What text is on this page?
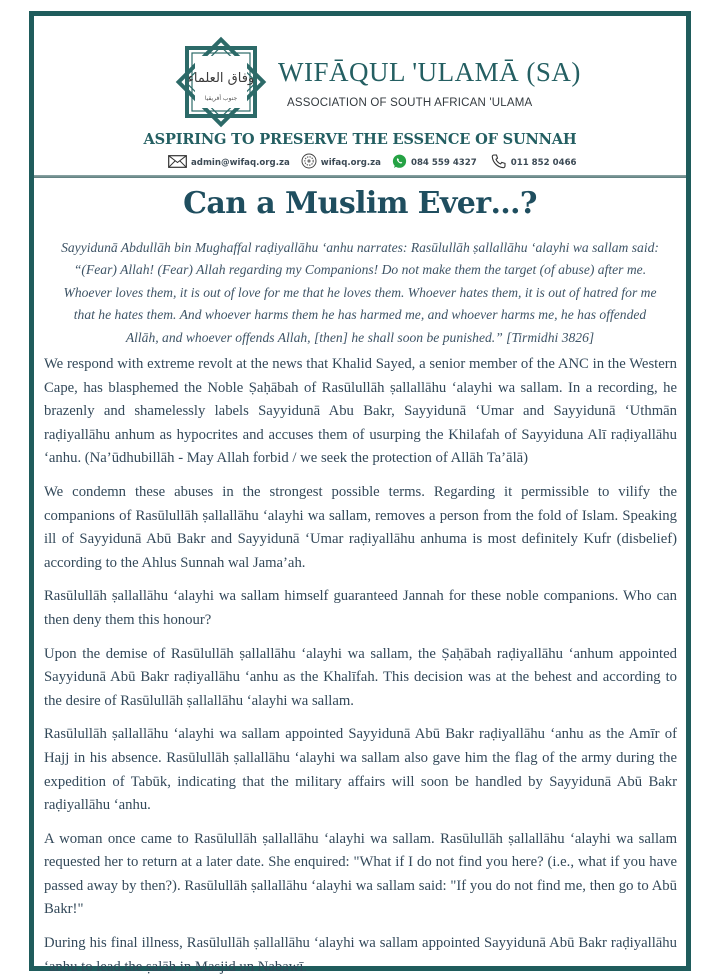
وفاق العلماء
جنوب أفريقيا
WIFĀQUL 'ULAMĀ (SA)
ASSOCIATION OF SOUTH AFRICAN 'ULAMA
ASPIRING TO PRESERVE THE ESSENCE OF SUNNAH
admin@wifaq.org.za	wifaq.org.za	084 559 4327	011 852 0466
Can a Muslim Ever…?

Sayyidunā Abdullāh bin Mughaffal raḍiyallāhu ‘anhu narrates: Rasūlullāh ṣallallāhu ‘alayhi wa sallam said: “(Fear) Allah! (Fear) Allah regarding my Companions! Do not make them the target (of abuse) after me. Whoever loves them, it is out of love for me that he loves them. Whoever hates them, it is out of hatred for me that he hates them. And whoever harms them he has harmed me, and whoever harms me, he has offended Allāh, and whoever offends Allah, [then] he shall soon be punished.” [Tirmidhi 3826]

We respond with extreme revolt at the news that Khalid Sayed, a senior member of the ANC in the Western Cape, has blasphemed the Noble Ṣaḥābah of Rasūlullāh ṣallallāhu ‘alayhi wa sallam. In a recording, he brazenly and shamelessly labels Sayyidunā Abu Bakr, Sayyidunā ‘Umar and Sayyidunā ‘Uthmān raḍiyallāhu anhum as hypocrites and accuses them of usurping the Khilafah of Sayyiduna Alī raḍiyallāhu ‘anhu. (Na’ūdhubillāh - May Allah forbid / we seek the protection of Allāh Ta’ālā)

We condemn these abuses in the strongest possible terms. Regarding it permissible to vilify the companions of Rasūlullāh ṣallallāhu ‘alayhi wa sallam, removes a person from the fold of Islam. Speaking ill of Sayyidunā Abū Bakr and Sayyidunā ‘Umar raḍiyallāhu anhuma is most definitely Kufr (disbelief) according to the Ahlus Sunnah wal Jama’ah.

Rasūlullāh ṣallallāhu ‘alayhi wa sallam himself guaranteed Jannah for these noble companions. Who can then deny them this honour?

Upon the demise of Rasūlullāh ṣallallāhu ‘alayhi wa sallam, the Ṣaḥābah raḍiyallāhu ‘anhum appointed Sayyidunā Abū Bakr raḍiyallāhu ‘anhu as the Khalīfah. This decision was at the behest and according to the desire of Rasūlullāh ṣallallāhu ‘alayhi wa sallam.

Rasūlullāh ṣallallāhu ‘alayhi wa sallam appointed Sayyidunā Abū Bakr raḍiyallāhu ‘anhu as the Amīr of Hajj in his absence. Rasūlullāh ṣallallāhu ‘alayhi wa sallam also gave him the flag of the army during the expedition of Tabūk, indicating that the military affairs will soon be handled by Sayyidunā Abū Bakr raḍiyallāhu ‘anhu.

A woman once came to Rasūlullāh ṣallallāhu ‘alayhi wa sallam. Rasūlullāh ṣallallāhu ‘alayhi wa sallam requested her to return at a later date. She enquired: "What if I do not find you here? (i.e., what if you have passed away by then?). Rasūlullāh ṣallallāhu ‘alayhi wa sallam said: "If you do not find me, then go to Abū Bakr!"

During his final illness, Rasūlullāh ṣallallāhu ‘alayhi wa sallam appointed Sayyidunā Abū Bakr raḍiyallāhu ‘anhu to lead the ṣalāh in Masjid un Nabawī.
